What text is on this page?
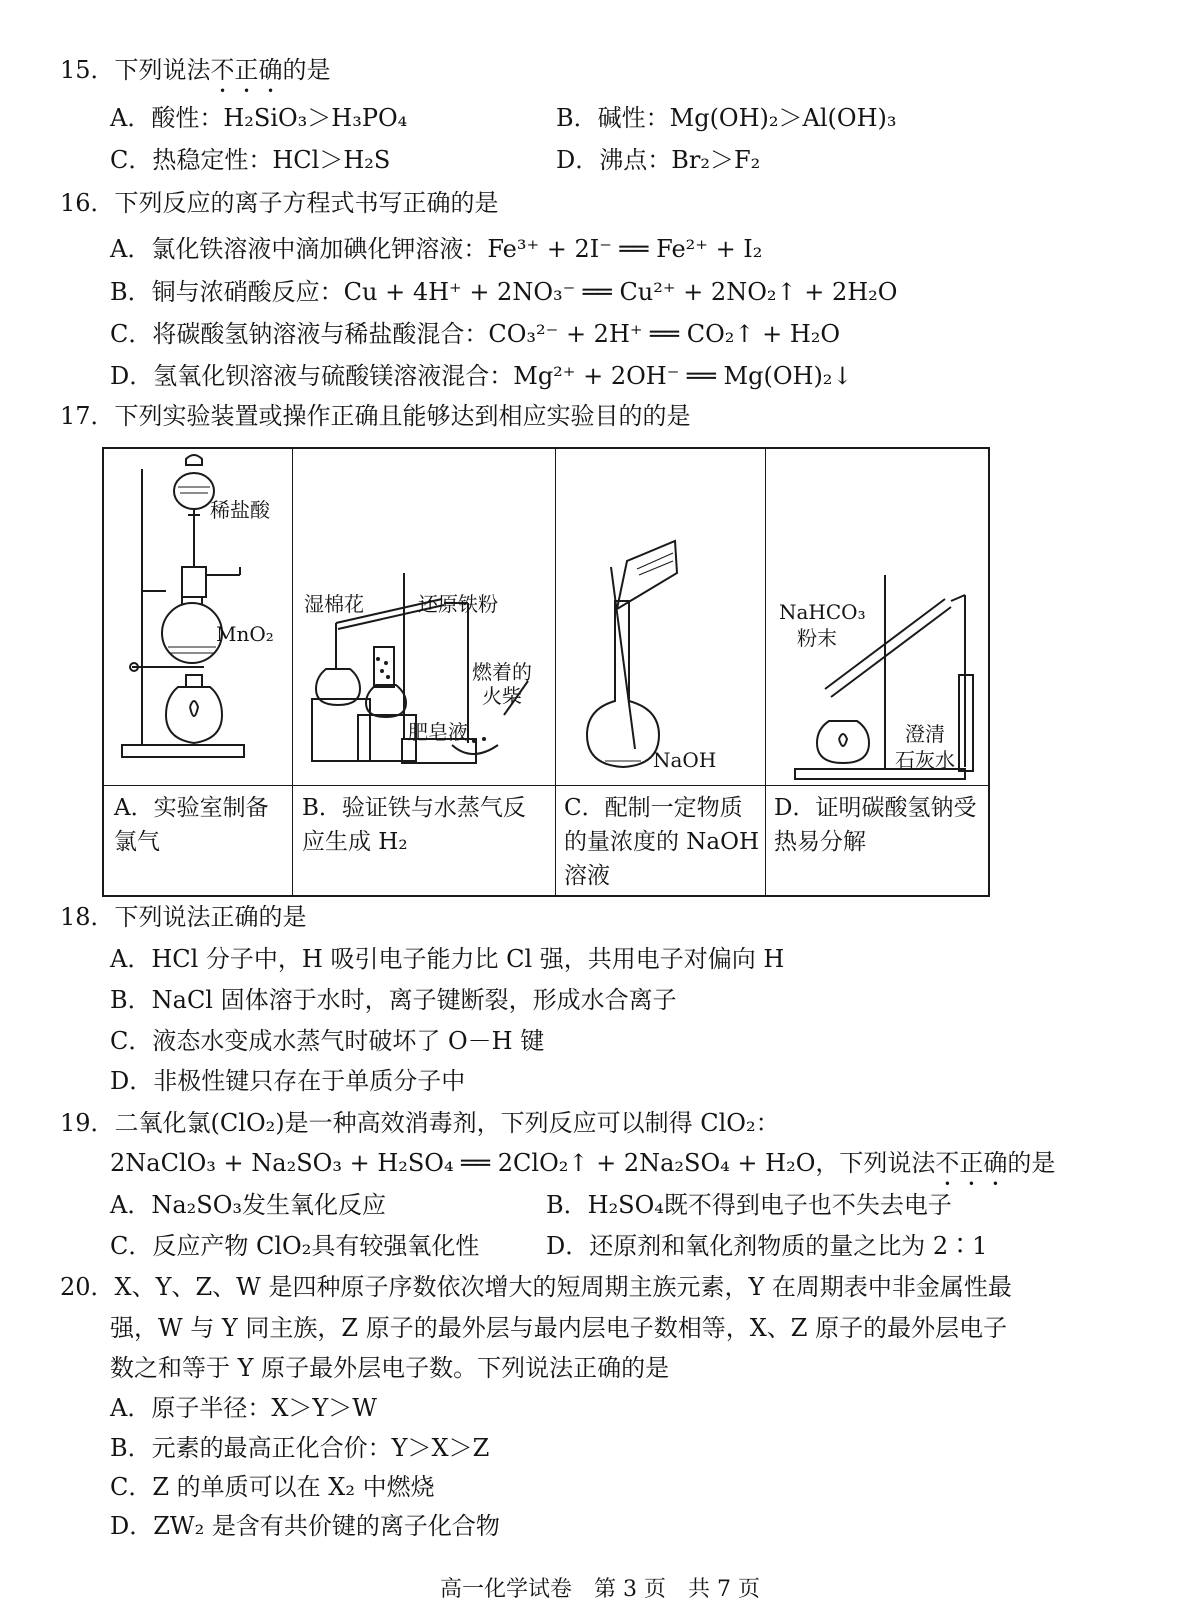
15．下列说法不正确的是
A．酸性：H₂SiO₃＞H₃PO₄	B．碱性：Mg(OH)₂＞Al(OH)₃
C．热稳定性：HCl＞H₂S	D．沸点：Br₂＞F₂
16．下列反应的离子方程式书写正确的是
A．氯化铁溶液中滴加碘化钾溶液：Fe³⁺ + 2I⁻ ══ Fe²⁺ + I₂
B．铜与浓硝酸反应：Cu + 4H⁺ + 2NO₃⁻ ══ Cu²⁺ + 2NO₂↑ + 2H₂O
C．将碳酸氢钠溶液与稀盐酸混合：CO₃²⁻ + 2H⁺ ══ CO₂↑ + H₂O
D．氢氧化钡溶液与硫酸镁溶液混合：Mg²⁺ + 2OH⁻ ══ Mg(OH)₂↓
17．下列实验装置或操作正确且能够达到相应实验目的的是
稀盐酸
MnO₂
湿棉花	还原铁粉
燃着的
火柴
肥皂液
NaOH
NaHCO₃
粉末
澄清
石灰水
A．实验室制备氯气
B．验证铁与水蒸气反应生成 H₂
C．配制一定物质的量浓度的 NaOH 溶液
D．证明碳酸氢钠受热易分解
18．下列说法正确的是
A．HCl 分子中，H 吸引电子能力比 Cl 强，共用电子对偏向 H
B．NaCl 固体溶于水时，离子键断裂，形成水合离子
C．液态水变成水蒸气时破坏了 O－H 键
D．非极性键只存在于单质分子中
19．二氧化氯(ClO₂)是一种高效消毒剂，下列反应可以制得 ClO₂：
2NaClO₃ + Na₂SO₃ + H₂SO₄ ══ 2ClO₂↑ + 2Na₂SO₄ + H₂O，下列说法不正确的是
A．Na₂SO₃发生氧化反应	B．H₂SO₄既不得到电子也不失去电子
C．反应产物 ClO₂具有较强氧化性	D．还原剂和氧化剂物质的量之比为 2∶1
20．X、Y、Z、W 是四种原子序数依次增大的短周期主族元素，Y 在周期表中非金属性最
强，W 与 Y 同主族，Z 原子的最外层与最内层电子数相等，X、Z 原子的最外层电子
数之和等于 Y 原子最外层电子数。下列说法正确的是
A．原子半径：X＞Y＞W
B．元素的最高正化合价：Y＞X＞Z
C．Z 的单质可以在 X₂ 中燃烧
D．ZW₂ 是含有共价键的离子化合物
高一化学试卷　第 3 页　共 7 页
